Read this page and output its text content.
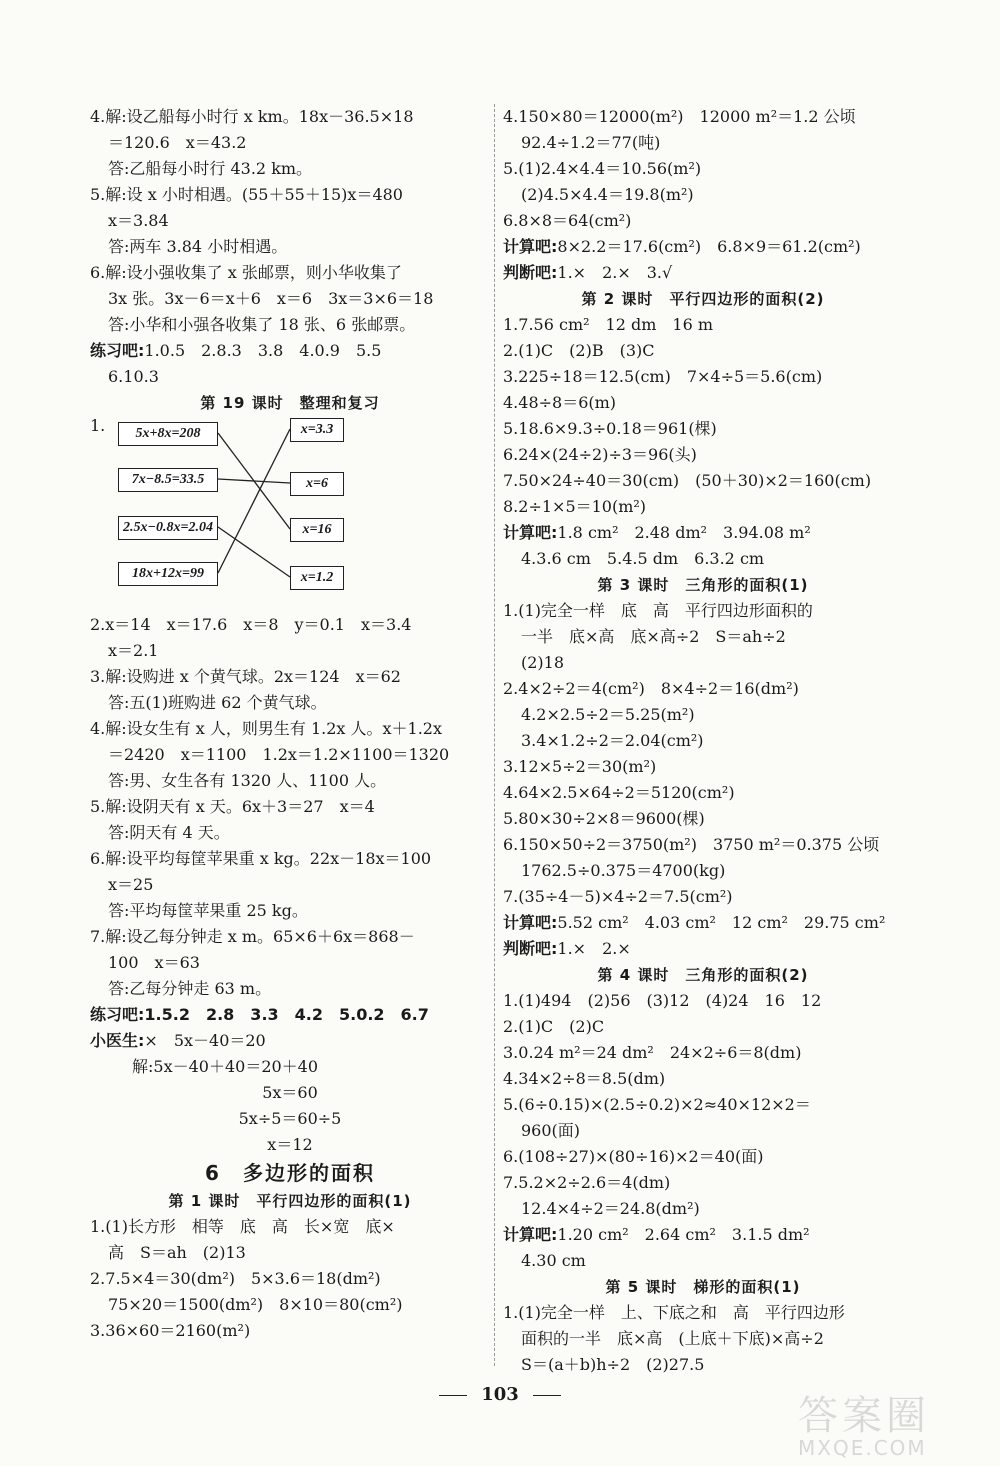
4.解:设乙船每小时行 x km。18x－36.5×18
＝120.6　x＝43.2
答:乙船每小时行 43.2 km。
5.解:设 x 小时相遇。(55＋55＋15)x＝480
x＝3.84
答:两车 3.84 小时相遇。
6.解:设小强收集了 x 张邮票，则小华收集了
3x 张。3x－6＝x＋6　x＝6　3x＝3×6＝18
答:小华和小强各收集了 18 张、6 张邮票。
练习吧:1.0.5　2.8.3　3.8　4.0.9　5.5
6.10.3
第 19 课时　整理和复习
1.	5x+8x=208
7x−8.5=33.5
2.5x−0.8x=2.04
18x+12x=99
x=3.3
x=6
x=16
x=1.2
2.x＝14　x＝17.6　x＝8　y＝0.1　x＝3.4
x＝2.1
3.解:设购进 x 个黄气球。2x＝124　x＝62
答:五(1)班购进 62 个黄气球。
4.解:设女生有 x 人，则男生有 1.2x 人。x＋1.2x
＝2420　x＝1100　1.2x＝1.2×1100＝1320
答:男、女生各有 1320 人、1100 人。
5.解:设阴天有 x 天。6x＋3＝27　x＝4
答:阴天有 4 天。
6.解:设平均每筐苹果重 x kg。22x－18x＝100
x＝25
答:平均每筐苹果重 25 kg。
7.解:设乙每分钟走 x m。65×6＋6x＝868－
100　x＝63
答:乙每分钟走 63 m。
练习吧:1.5.2　2.8　3.3　4.2　5.0.2　6.7
小医生:×　5x－40＝20
解:5x－40＋40＝20＋40
5x＝60
5x÷5＝60÷5
x＝12
6　多边形的面积
第 1 课时　平行四边形的面积(1)
1.(1)长方形　相等　底　高　长×宽　底×
高　S＝ah　(2)13
2.7.5×4＝30(dm²)　5×3.6＝18(dm²)
75×20＝1500(dm²)　8×10＝80(cm²)
3.36×60＝2160(m²)
4.150×80＝12000(m²)　12000 m²＝1.2 公顷
92.4÷1.2＝77(吨)
5.(1)2.4×4.4＝10.56(m²)
(2)4.5×4.4＝19.8(m²)
6.8×8＝64(cm²)
计算吧:8×2.2＝17.6(cm²)　6.8×9＝61.2(cm²)
判断吧:1.×　2.×　3.√
第 2 课时　平行四边形的面积(2)
1.7.56 cm²　12 dm　16 m
2.(1)C　(2)B　(3)C
3.225÷18＝12.5(cm)　7×4÷5＝5.6(cm)
4.48÷8＝6(m)
5.18.6×9.3÷0.18＝961(棵)
6.24×(24÷2)÷3＝96(头)
7.50×24÷40＝30(cm)　(50＋30)×2＝160(cm)
8.2÷1×5＝10(m²)
计算吧:1.8 cm²　2.48 dm²　3.94.08 m²
4.3.6 cm　5.4.5 dm　6.3.2 cm
第 3 课时　三角形的面积(1)
1.(1)完全一样　底　高　平行四边形面积的
一半　底×高　底×高÷2　S＝ah÷2
(2)18
2.4×2÷2＝4(cm²)　8×4÷2＝16(dm²)
4.2×2.5÷2＝5.25(m²)
3.4×1.2÷2＝2.04(cm²)
3.12×5÷2＝30(m²)
4.64×2.5×64÷2＝5120(cm²)
5.80×30÷2×8＝9600(棵)
6.150×50÷2＝3750(m²)　3750 m²＝0.375 公顷
1762.5÷0.375＝4700(kg)
7.(35÷4－5)×4÷2＝7.5(cm²)
计算吧:5.52 cm²　4.03 cm²　12 cm²　29.75 cm²
判断吧:1.×　2.×
第 4 课时　三角形的面积(2)
1.(1)494　(2)56　(3)12　(4)24　16　12
2.(1)C　(2)C
3.0.24 m²＝24 dm²　24×2÷6＝8(dm)
4.34×2÷8＝8.5(dm)
5.(6÷0.15)×(2.5÷0.2)×2≈40×12×2＝
960(面)
6.(108÷27)×(80÷16)×2＝40(面)
7.5.2×2÷2.6＝4(dm)
12.4×4÷2＝24.8(dm²)
计算吧:1.20 cm²　2.64 cm²　3.1.5 dm²
4.30 cm
第 5 课时　梯形的面积(1)
1.(1)完全一样　上、下底之和　高　平行四边形
面积的一半　底×高　(上底＋下底)×高÷2
S＝(a＋b)h÷2　(2)27.5
103	答案圈
MXQE.COM
